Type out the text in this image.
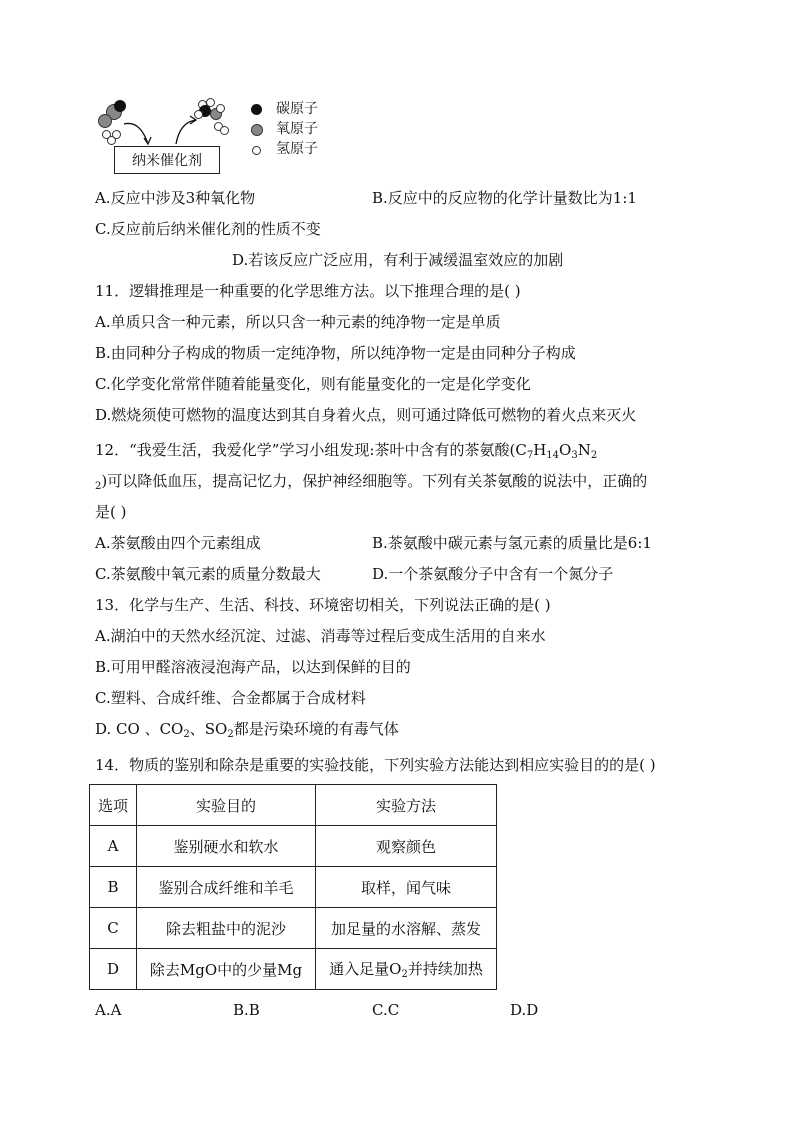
纳米催化剂
碳原子
氧原子
氢原子
A.反应中涉及3种氧化物	B.反应中的反应物的化学计量数比为1:1
C.反应前后纳米催化剂的性质不变
D.若该反应广泛应用，有利于减缓温室效应的加剧
11．逻辑推理是一种重要的化学思维方法。以下推理合理的是( )
A.单质只含一种元素，所以只含一种元素的纯净物一定是单质
B.由同种分子构成的物质一定纯净物，所以纯净物一定是由同种分子构成
C.化学变化常常伴随着能量变化，则有能量变化的一定是化学变化
D.燃烧须使可燃物的温度达到其自身着火点，则可通过降低可燃物的着火点来灭火
12．“我爱生活，我爱化学”学习小组发现:茶叶中含有的茶氨酸($C_7H_{14}O_3N_2$
$_2$)可以降低血压，提高记忆力，保护神经细胞等。下列有关茶氨酸的说法中，正确的
是( )
A.茶氨酸由四个元素组成	B.茶氨酸中碳元素与氢元素的质量比是6:1
C.茶氨酸中氧元素的质量分数最大	D.一个茶氨酸分子中含有一个氮分子
13．化学与生产、生活、科技、环境密切相关，下列说法正确的是( )
A.湖泊中的天然水经沉淀、过滤、消毒等过程后变成生活用的自来水
B.可用甲醛溶液浸泡海产品，以达到保鲜的目的
C.塑料、合成纤维、合金都属于合成材料
D. CO 、$CO_2$、$SO_2$都是污染环境的有毒气体
14．物质的鉴别和除杂是重要的实验技能，下列实验方法能达到相应实验目的的是( )
选项	实验目的	实验方法
A	鉴别硬水和软水	观察颜色
B	鉴别合成纤维和羊毛	取样，闻气味
C	除去粗盐中的泥沙	加足量的水溶解、蒸发
D	除去MgO中的少量Mg	通入足量$O_2$并持续加热
A.A	B.B	C.C	D.D
